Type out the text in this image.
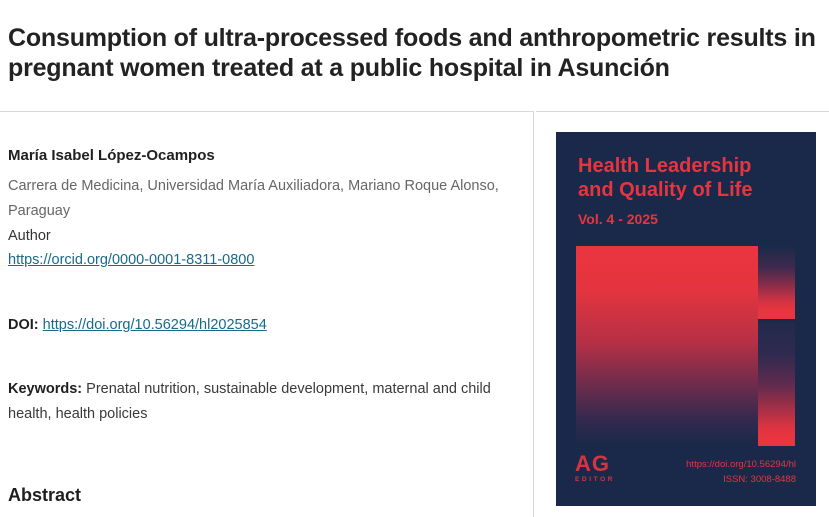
Consumption of ultra-processed foods and anthropometric results in pregnant women treated at a public hospital in Asunción
María Isabel López-Ocampos
Carrera de Medicina, Universidad María Auxiliadora, Mariano Roque Alonso, Paraguay
Author
https://orcid.org/0000-0001-8311-0800
DOI: https://doi.org/10.56294/hl2025854

Keywords: Prenatal nutrition, sustainable development, maternal and child health, health policies

Abstract
Health Leadership and Quality of Life
Vol. 4 - 2025
AG
EDITOR
https://doi.org/10.56294/hl
ISSN: 3008-8488
